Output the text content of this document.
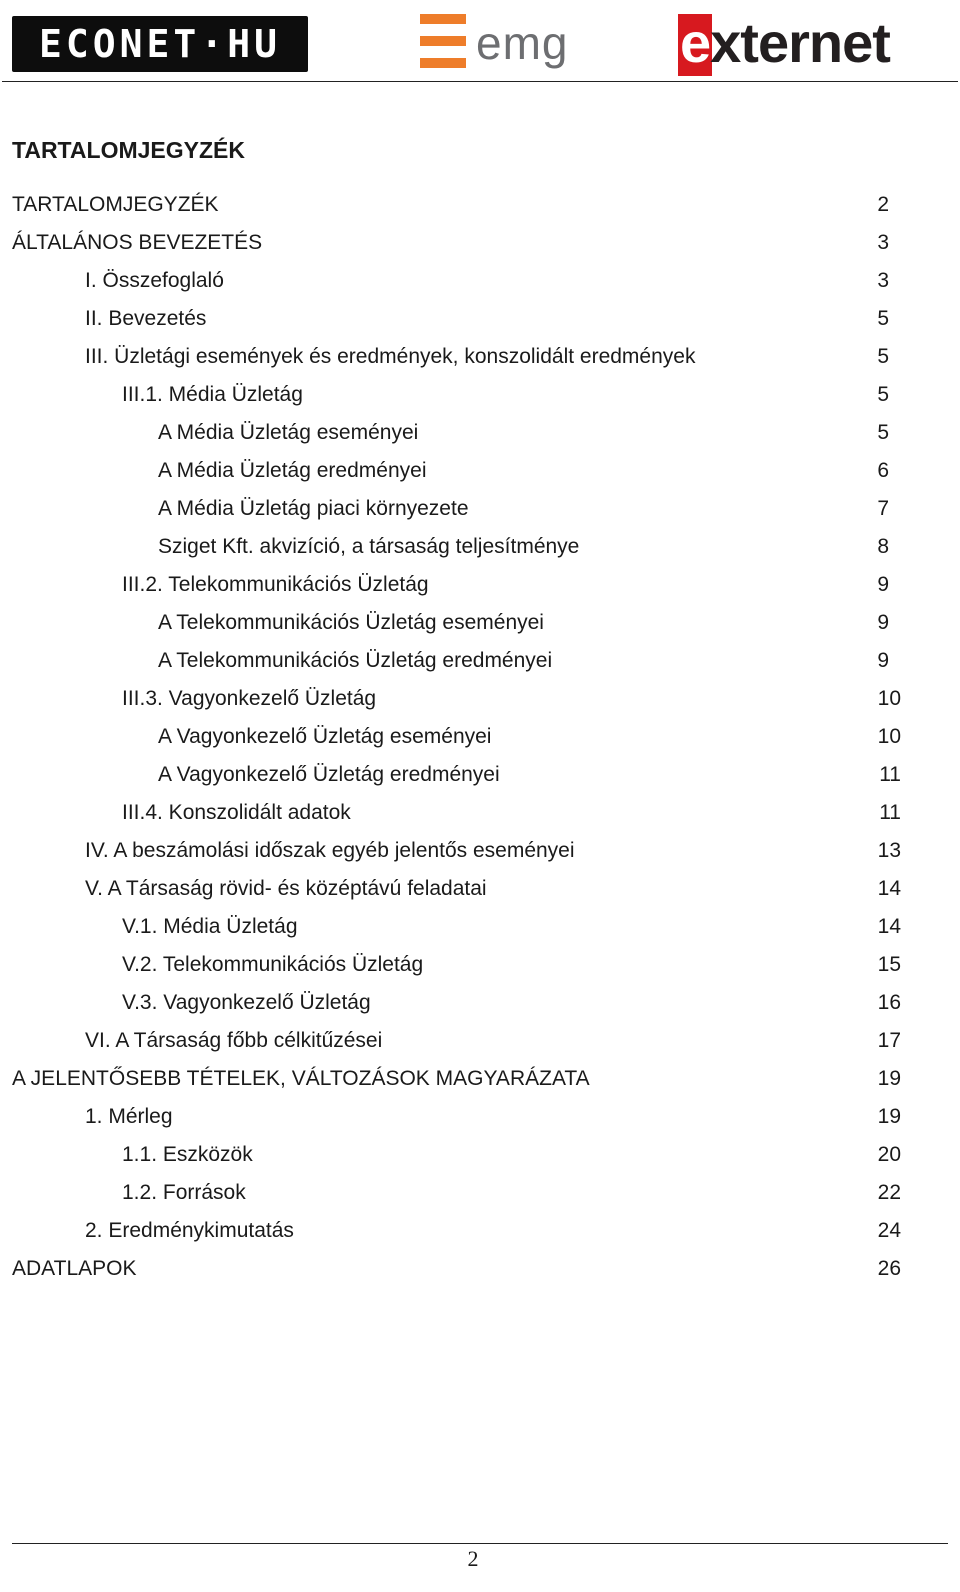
ECONET·HU	emg externet
TARTALOMJEGYZÉK
TARTALOMJEGYZÉK	2
ÁLTALÁNOS BEVEZETÉS	3
I. Összefoglaló	3
II. Bevezetés	5
III. Üzletági események és eredmények, konszolidált eredmények	5
III.1. Média Üzletág	5
A Média Üzletág eseményei	5
A Média Üzletág eredményei	6
A Média Üzletág piaci környezete	7
Sziget Kft. akvizíció, a társaság teljesítménye	8
III.2. Telekommunikációs Üzletág	9
A Telekommunikációs Üzletág eseményei	9
A Telekommunikációs Üzletág eredményei	9
III.3. Vagyonkezelő Üzletág	10
A Vagyonkezelő Üzletág eseményei	10
A Vagyonkezelő Üzletág eredményei	11
III.4. Konszolidált adatok	11
IV. A beszámolási időszak egyéb jelentős eseményei	13
V. A Társaság rövid- és középtávú feladatai	14
V.1. Média Üzletág	14
V.2. Telekommunikációs Üzletág	15
V.3. Vagyonkezelő Üzletág	16
VI. A Társaság főbb célkitűzései	17
A JELENTŐSEBB TÉTELEK, VÁLTOZÁSOK MAGYARÁZATA	19
1. Mérleg	19
1.1. Eszközök	20
1.2. Források	22
2. Eredménykimutatás	24
ADATLAPOK	26
2
